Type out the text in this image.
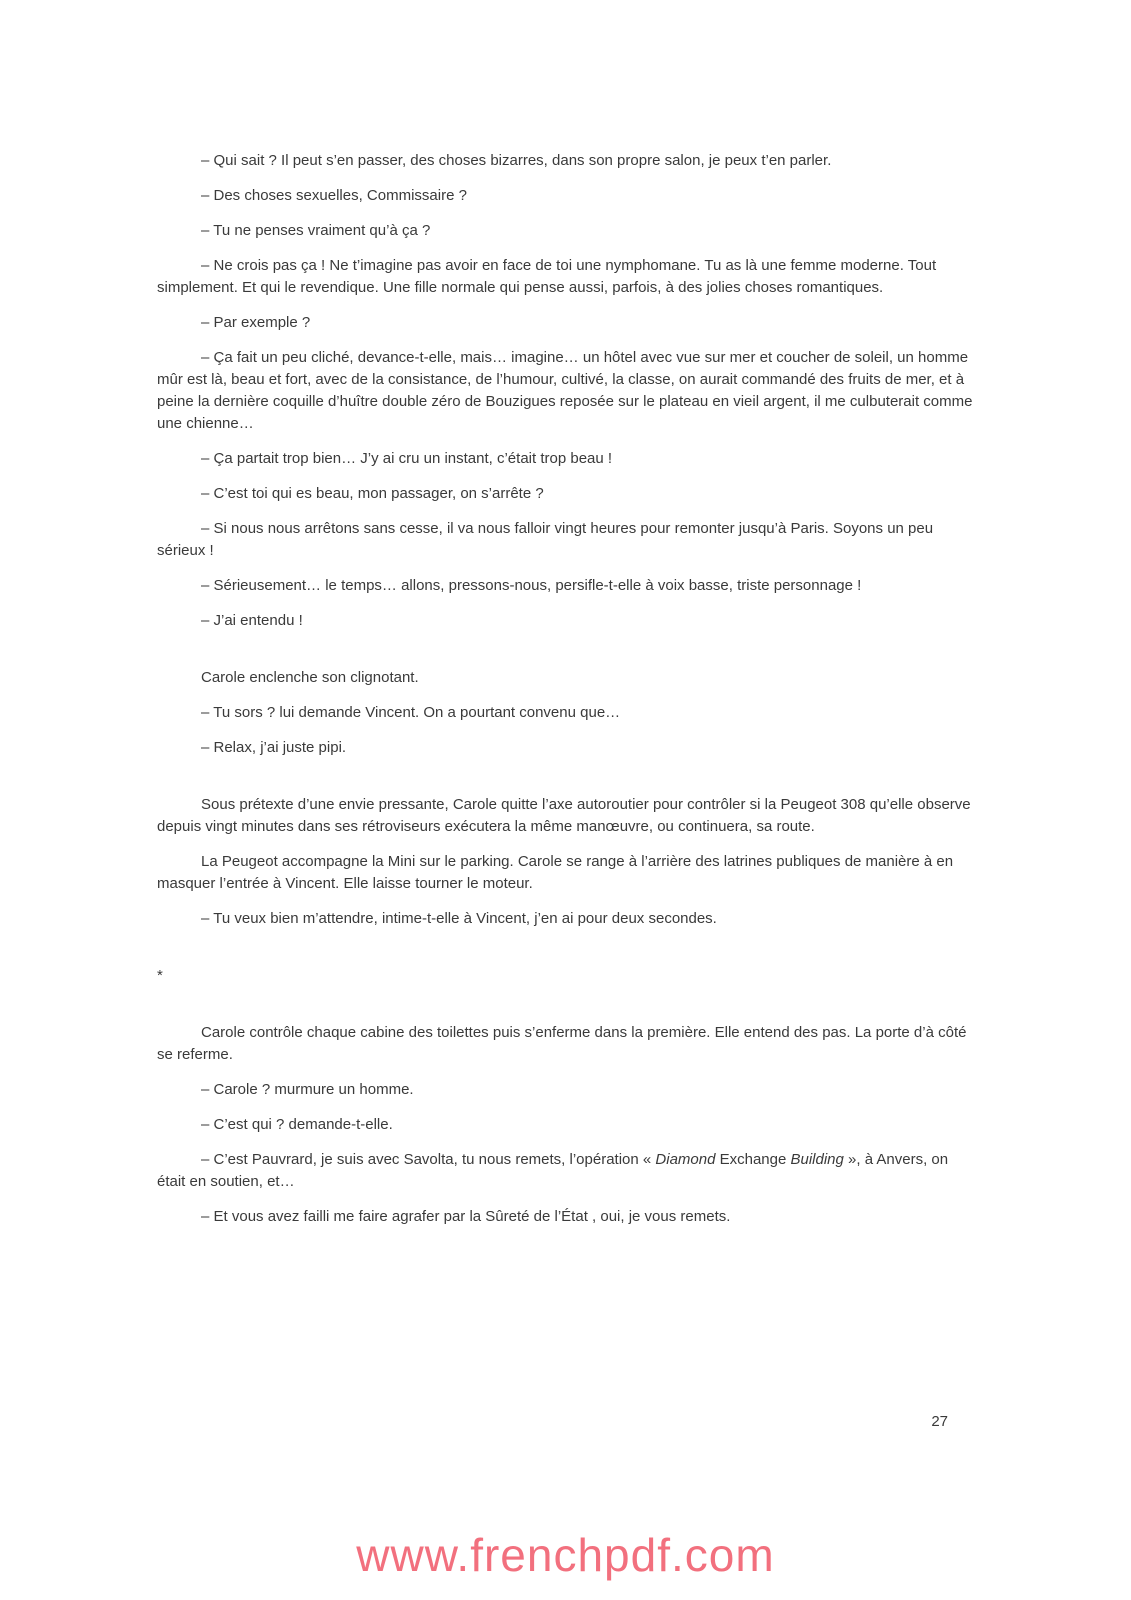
– Qui sait ? Il peut s’en passer, des choses bizarres, dans son propre salon, je peux t’en parler.

– Des choses sexuelles, Commissaire ?

– Tu ne penses vraiment qu’à ça ?

– Ne crois pas ça ! Ne t’imagine pas avoir en face de toi une nymphomane. Tu as là une femme moderne. Tout simplement. Et qui le revendique. Une fille normale qui pense aussi, parfois, à des jolies choses romantiques.

– Par exemple ?

– Ça fait un peu cliché, devance-t-elle, mais… imagine… un hôtel avec vue sur mer et coucher de soleil, un homme mûr est là, beau et fort, avec de la consistance, de l’humour, cultivé, la classe, on aurait commandé des fruits de mer, et à peine la dernière coquille d’huître double zéro de Bouzigues reposée sur le plateau en vieil argent, il me culbuterait comme une chienne…

– Ça partait trop bien… J’y ai cru un instant, c’était trop beau !

– C’est toi qui es beau, mon passager, on s’arrête ?

– Si nous nous arrêtons sans cesse, il va nous falloir vingt heures pour remonter jusqu’à Paris. Soyons un peu sérieux !

– Sérieusement… le temps… allons, pressons-nous, persifle-t-elle à voix basse, triste personnage !

– J’ai entendu !

Carole enclenche son clignotant.

– Tu sors ? lui demande Vincent. On a pourtant convenu que…

– Relax, j’ai juste pipi.

Sous prétexte d’une envie pressante, Carole quitte l’axe autoroutier pour contrôler si la Peugeot 308 qu’elle observe depuis vingt minutes dans ses rétroviseurs exécutera la même manœuvre, ou continuera, sa route.

La Peugeot accompagne la Mini sur le parking. Carole se range à l’arrière des latrines publiques de manière à en masquer l’entrée à Vincent. Elle laisse tourner le moteur.

– Tu veux bien m’attendre, intime-t-elle à Vincent, j’en ai pour deux secondes.

*

Carole contrôle chaque cabine des toilettes puis s’enferme dans la première. Elle entend des pas. La porte d’à côté se referme.

– Carole ? murmure un homme.

– C’est qui ? demande-t-elle.

– C’est Pauvrard, je suis avec Savolta, tu nous remets, l’opération « Diamond Exchange Building », à Anvers, on était en soutien, et…

– Et vous avez failli me faire agrafer par la Sûreté de l’État , oui, je vous remets.

27
www.frenchpdf.com
